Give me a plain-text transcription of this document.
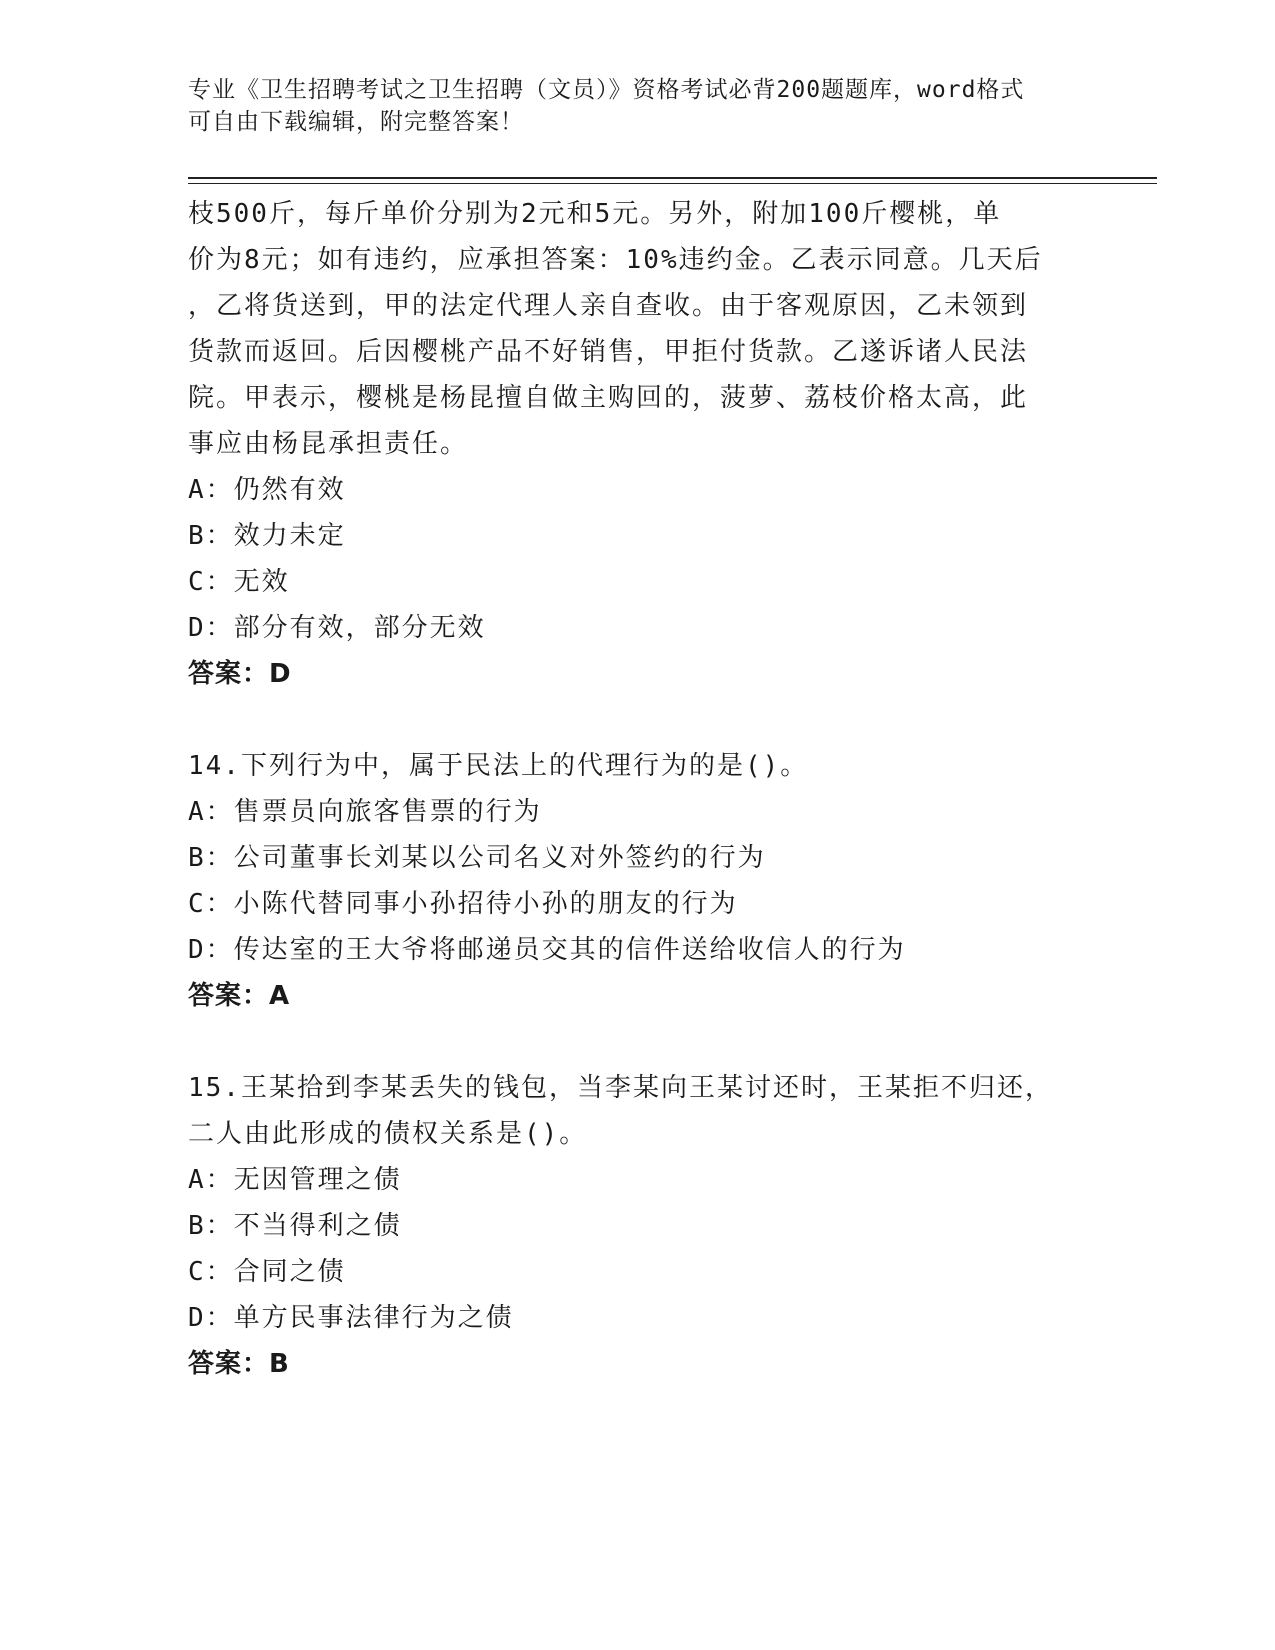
专业《卫生招聘考试之卫生招聘（文员）》资格考试必背200题题库，word格式
可自由下载编辑，附完整答案！
枝500斤，每斤单价分别为2元和5元。另外，附加100斤樱桃，单
价为8元；如有违约，应承担答案：10%违约金。乙表示同意。几天后
，乙将货送到，甲的法定代理人亲自查收。由于客观原因，乙未领到
货款而返回。后因樱桃产品不好销售，甲拒付货款。乙遂诉诸人民法
院。甲表示，樱桃是杨昆擅自做主购回的，菠萝、荔枝价格太高，此
事应由杨昆承担责任。
A：仍然有效
B：效力未定
C：无效
D：部分有效，部分无效
答案：D
14.下列行为中，属于民法上的代理行为的是()。
A：售票员向旅客售票的行为
B：公司董事长刘某以公司名义对外签约的行为
C：小陈代替同事小孙招待小孙的朋友的行为
D：传达室的王大爷将邮递员交其的信件送给收信人的行为
答案：A
15.王某拾到李某丢失的钱包，当李某向王某讨还时，王某拒不归还，
二人由此形成的债权关系是()。
A：无因管理之债
B：不当得利之债
C：合同之债
D：单方民事法律行为之债
答案：B
